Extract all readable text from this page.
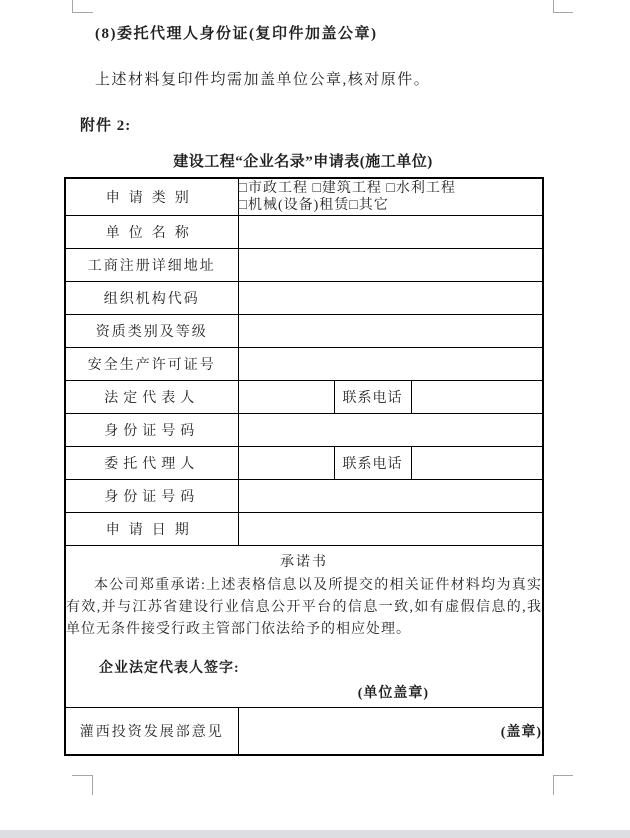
(8)委托代理人身份证(复印件加盖公章)
上述材料复印件均需加盖单位公章,核对原件。
附件 2:
建设工程“企业名录”申请表(施工单位)
申请类别	□市政工程 □建筑工程 □水利工程
□机械(设备)租赁□其它		

单位名称			
工商注册详细地址			
组织机构代码			
资质类别及等级			
安全生产许可证号			
法定代表人		联系电话	
身份证号码			
委托代理人		联系电话	
身份证号码			
申请日期			

承诺书
本公司郑重承诺:上述表格信息以及所提交的相关证件材料均为真实有效,并与江苏省建设行业信息公开平台的信息一致,如有虚假信息的,我单位无条件接受行政主管部门依法给予的相应处理。
企业法定代表人签字:
(单位盖章)			

灌西投资发展部意见	(盖章)		
